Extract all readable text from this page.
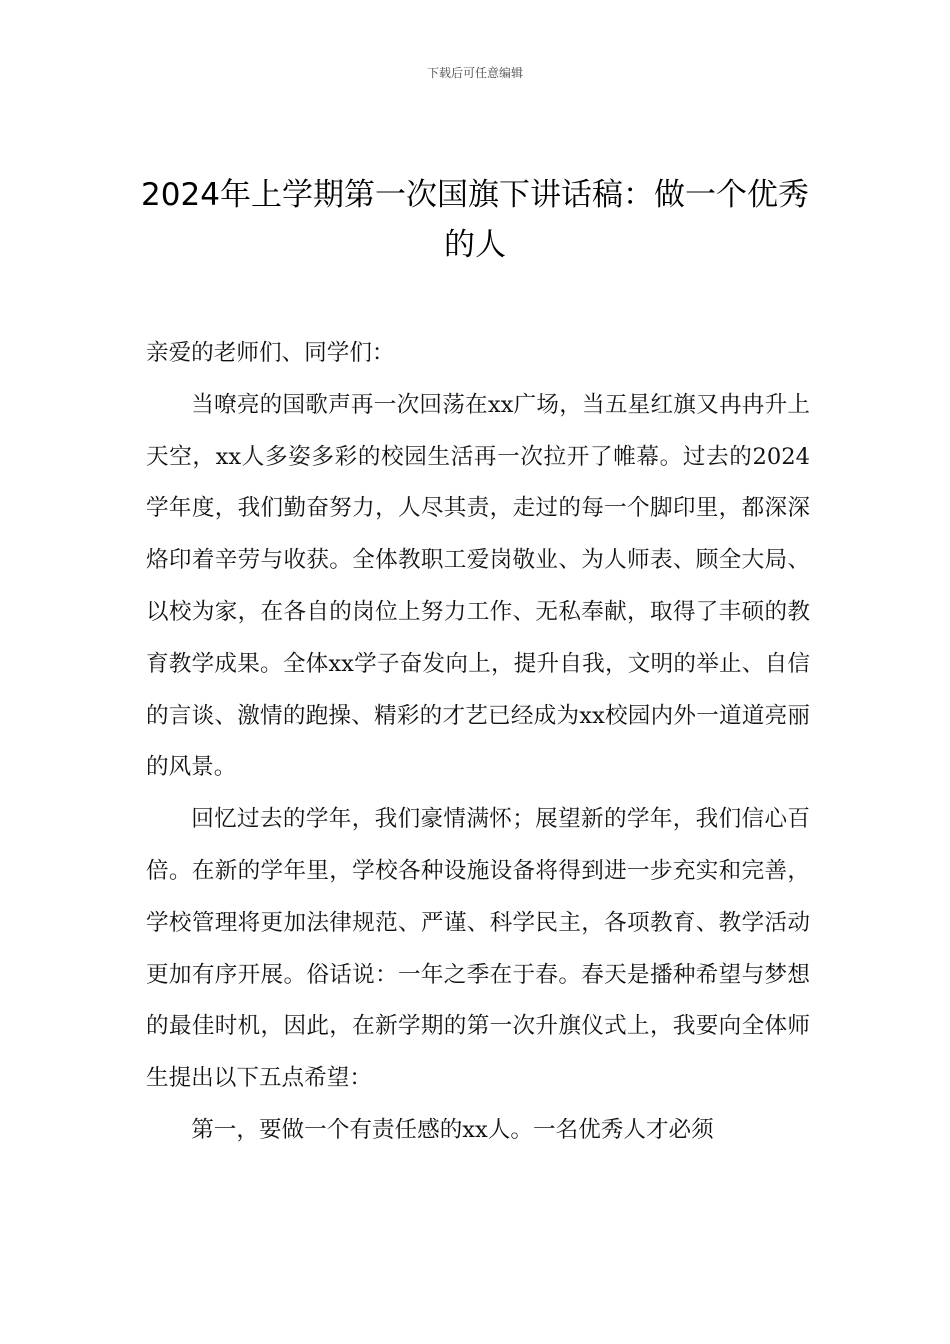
下载后可任意编辑
2024年上学期第一次国旗下讲话稿：做一个优秀的人

亲爱的老师们、同学们：

当嘹亮的国歌声再一次回荡在xx广场，当五星红旗又冉冉升上天空，xx人多姿多彩的校园生活再一次拉开了帷幕。过去的2024学年度，我们勤奋努力，人尽其责，走过的每一个脚印里，都深深烙印着辛劳与收获。全体教职工爱岗敬业、为人师表、顾全大局、以校为家，在各自的岗位上努力工作、无私奉献，取得了丰硕的教育教学成果。全体xx学子奋发向上，提升自我，文明的举止、自信的言谈、激情的跑操、精彩的才艺已经成为xx校园内外一道道亮丽的风景。

回忆过去的学年，我们豪情满怀；展望新的学年，我们信心百倍。在新的学年里，学校各种设施设备将得到进一步充实和完善，学校管理将更加法律规范、严谨、科学民主，各项教育、教学活动更加有序开展。俗话说：一年之季在于春。春天是播种希望与梦想的最佳时机，因此，在新学期的第一次升旗仪式上，我要向全体师生提出以下五点希望：

第一，要做一个有责任感的xx人。一名优秀人才必须
